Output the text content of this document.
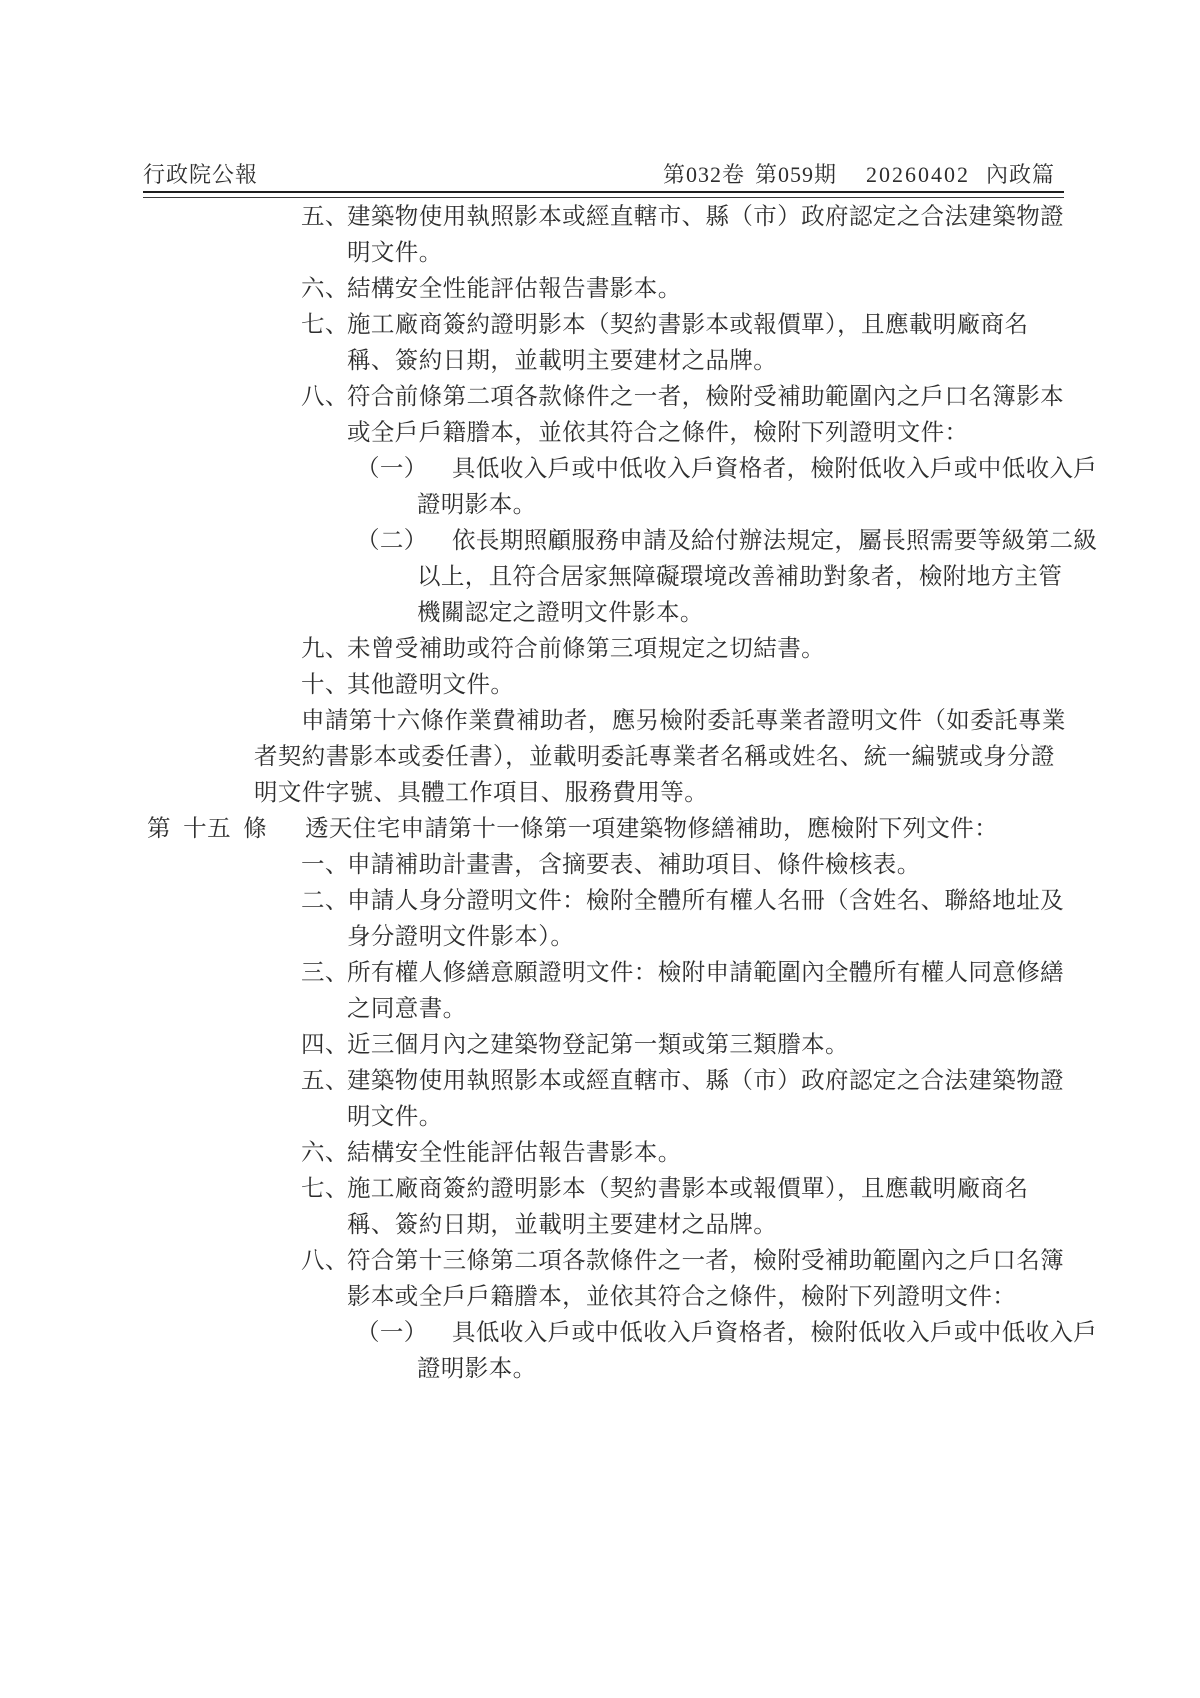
行政院公報	第032卷 第059期 20260402 內政篇
五、建築物使用執照影本或經直轄市、縣（市）政府認定之合法建築物證
明文件。
六、結構安全性能評估報告書影本。
七、施工廠商簽約證明影本（契約書影本或報價單），且應載明廠商名
稱、簽約日期，並載明主要建材之品牌。
八、符合前條第二項各款條件之一者，檢附受補助範圍內之戶口名簿影本
或全戶戶籍謄本，並依其符合之條件，檢附下列證明文件：
（一） 具低收入戶或中低收入戶資格者，檢附低收入戶或中低收入戶
證明影本。
（二） 依長期照顧服務申請及給付辦法規定，屬長照需要等級第二級
以上，且符合居家無障礙環境改善補助對象者，檢附地方主管
機關認定之證明文件影本。
九、未曾受補助或符合前條第三項規定之切結書。
十、其他證明文件。
申請第十六條作業費補助者，應另檢附委託專業者證明文件（如委託專業
者契約書影本或委任書），並載明委託專業者名稱或姓名、統一編號或身分證
明文件字號、具體工作項目、服務費用等。
第 十五 條 透天住宅申請第十一條第一項建築物修繕補助，應檢附下列文件：
一、申請補助計畫書，含摘要表、補助項目、條件檢核表。
二、申請人身分證明文件：檢附全體所有權人名冊（含姓名、聯絡地址及
身分證明文件影本）。
三、所有權人修繕意願證明文件：檢附申請範圍內全體所有權人同意修繕
之同意書。
四、近三個月內之建築物登記第一類或第三類謄本。
五、建築物使用執照影本或經直轄市、縣（市）政府認定之合法建築物證
明文件。
六、結構安全性能評估報告書影本。
七、施工廠商簽約證明影本（契約書影本或報價單），且應載明廠商名
稱、簽約日期，並載明主要建材之品牌。
八、符合第十三條第二項各款條件之一者，檢附受補助範圍內之戶口名簿
影本或全戶戶籍謄本，並依其符合之條件，檢附下列證明文件：
（一） 具低收入戶或中低收入戶資格者，檢附低收入戶或中低收入戶
證明影本。
